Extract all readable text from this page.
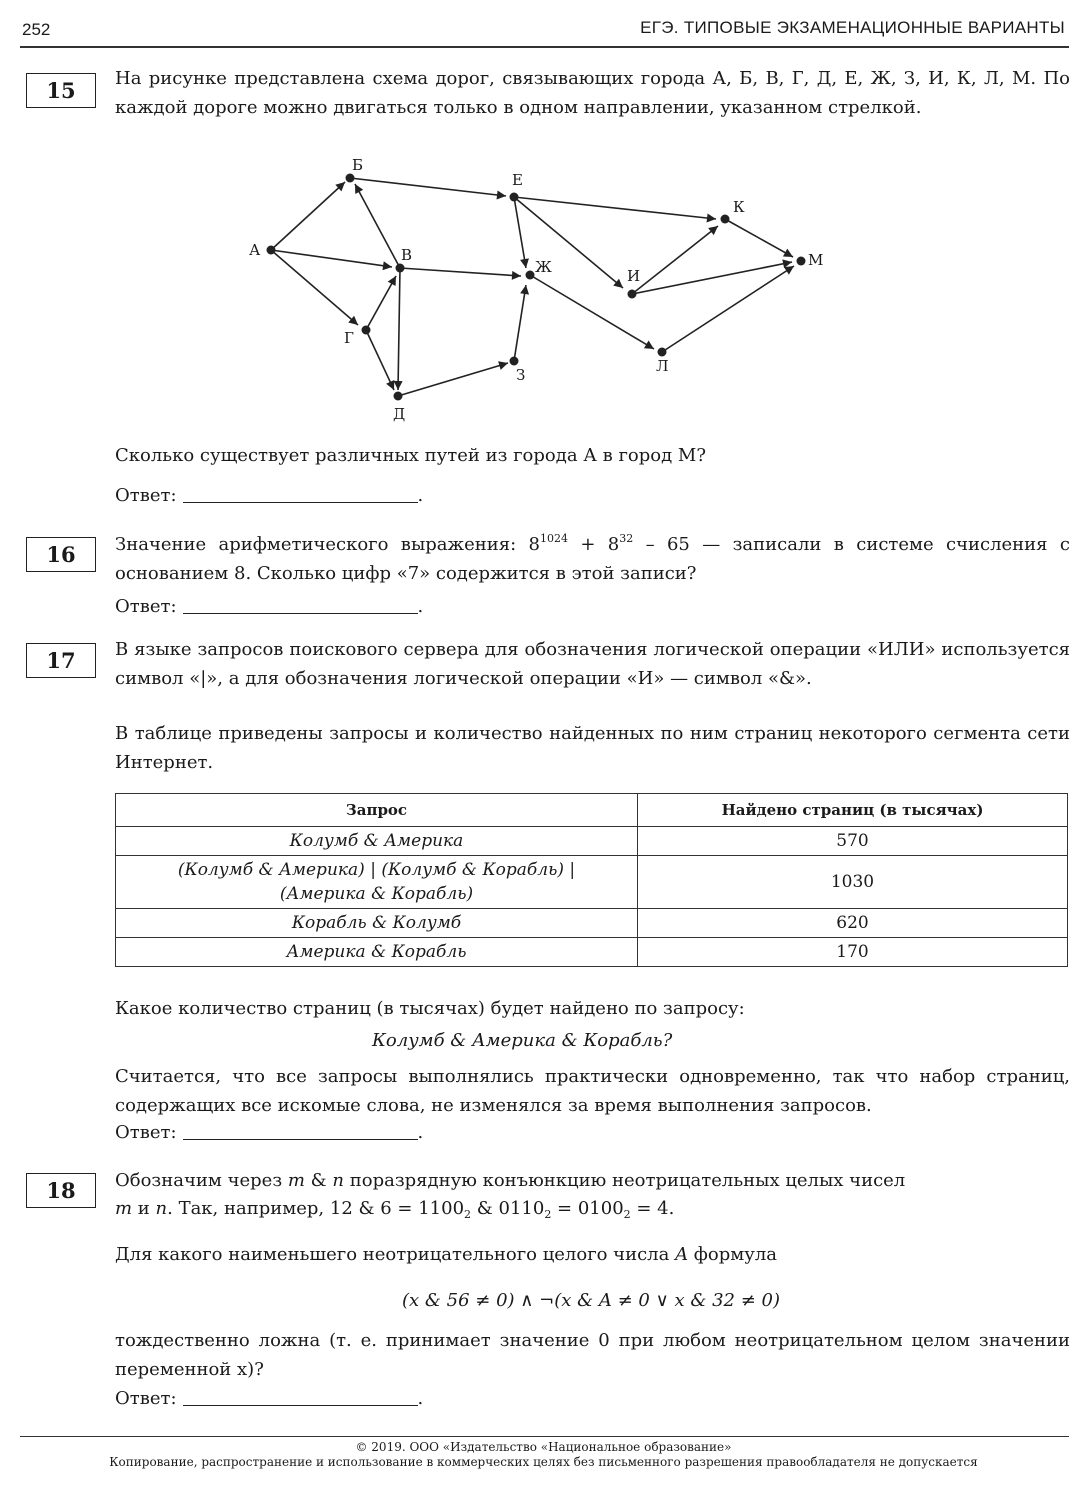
252	ЕГЭ. ТИПОВЫЕ ЭКЗАМЕНАЦИОННЫЕ ВАРИАНТЫ
15	На рисунке представлена схема дорог, связывающих города А, Б, В, Г, Д, Е, Ж, З, И, К, Л, М. По каждой дороге можно двигаться только в одном направлении, указанном стрелкой.
А
Б
В
Г
Д
Е
Ж
З
И
К
Л
М
Сколько существует различных путей из города А в город М?
Ответ:	.
16	Значение арифметического выражения: $8^{1024} + 8^{32} - 65$ — записали в системе счисления с основанием 8. Сколько цифр «7» содержится в этой записи?
Ответ:	.
17	В языке запросов поискового сервера для обозначения логической операции «ИЛИ» используется символ «|», а для обозначения логической операции «И» — символ «&».
В таблице приведены запросы и количество найденных по ним страниц некоторого сегмента сети Интернет.
Запрос	Найдено страниц (в тысячах)
Колумб & Америка	570

(Колумб & Америка) | (Колумб & Корабль) |
(Америка & Корабль)	1030
Корабль & Колумб	620
Америка & Корабль	170
Какое количество страниц (в тысячах) будет найдено по запросу:
Колумб & Америка & Корабль?
Считается, что все запросы выполнялись практически одновременно, так что набор страниц, содержащих все искомые слова, не изменялся за время выполнения запросов.
Ответ:	.
18	Обозначим через m & n поразрядную конъюнкцию неотрицательных целых чисел
m и n. Так, например, 12 & $6 = 1100_2$ & $0110_2 = 0100_2 = 4$.
Для какого наименьшего неотрицательного целого числа A формула
(x & 56 ≠ 0) ∧ ¬(x & A ≠ 0 ∨ x & 32 ≠ 0)
тождественно ложна (т. е. принимает значение 0 при любом неотрицательном целом значении переменной x)?
Ответ:	.
© 2019. ООО «Издательство «Национальное образование»
Копирование, распространение и использование в коммерческих целях без письменного разрешения правообладателя не допускается
